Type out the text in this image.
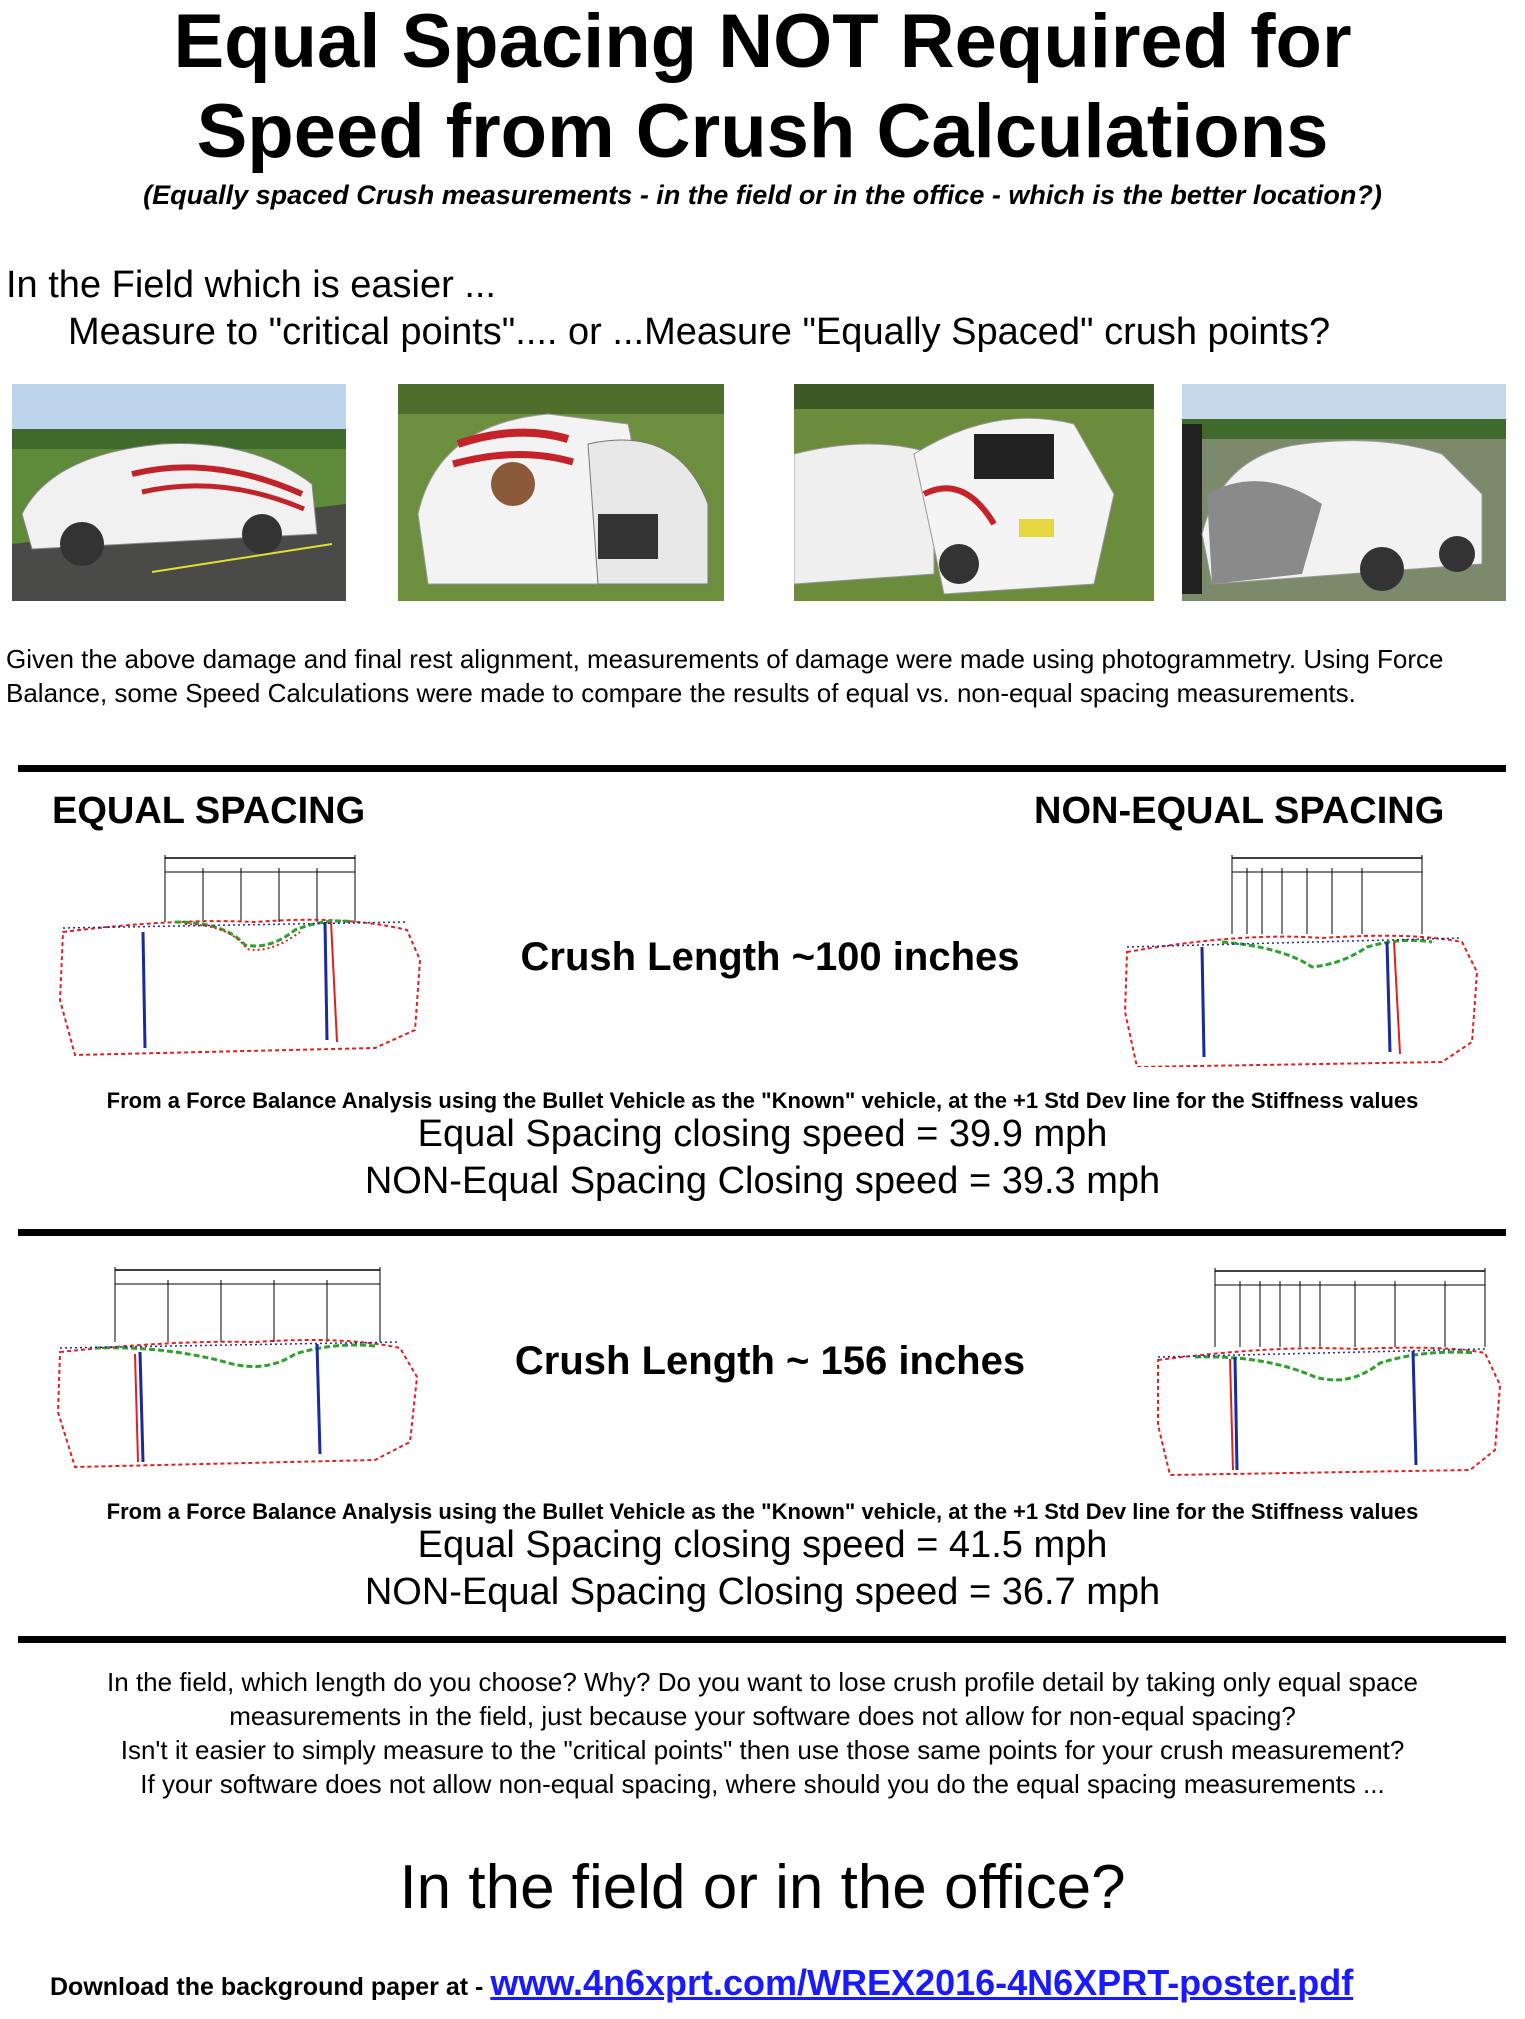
Equal Spacing NOT Required for
Speed from Crush Calculations
(Equally spaced Crush measurements - in the field or in the office - which is the better location?)
In the Field which is easier ...
Measure to "critical points".... or ...Measure "Equally Spaced" crush points?
Given the above damage and final rest alignment, measurements of damage were made using photogrammetry. Using Force Balance, some Speed Calculations were made to compare the results of equal vs. non-equal spacing measurements.
EQUAL SPACING	NON-EQUAL SPACING
Crush Length ~100 inches
From a Force Balance Analysis using the Bullet Vehicle as the "Known" vehicle, at the +1 Std Dev line for the Stiffness values
Equal Spacing closing speed = 39.9 mph
NON-Equal Spacing Closing speed = 39.3 mph
Crush Length ~ 156 inches
From a Force Balance Analysis using the Bullet Vehicle as the "Known" vehicle, at the +1 Std Dev line for the Stiffness values
Equal Spacing closing speed = 41.5 mph
NON-Equal Spacing Closing speed = 36.7 mph
In the field, which length do you choose? Why? Do you want to lose crush profile detail by taking only equal space
measurements in the field, just because your software does not allow for non-equal spacing?
Isn't it easier to simply measure to the "critical points" then use those same points for your crush measurement?
If your software does not allow non-equal spacing, where should you do the equal spacing measurements ...
In the field or in the office?
Download the background paper at - www.4n6xprt.com/WREX2016-4N6XPRT-poster.pdf
